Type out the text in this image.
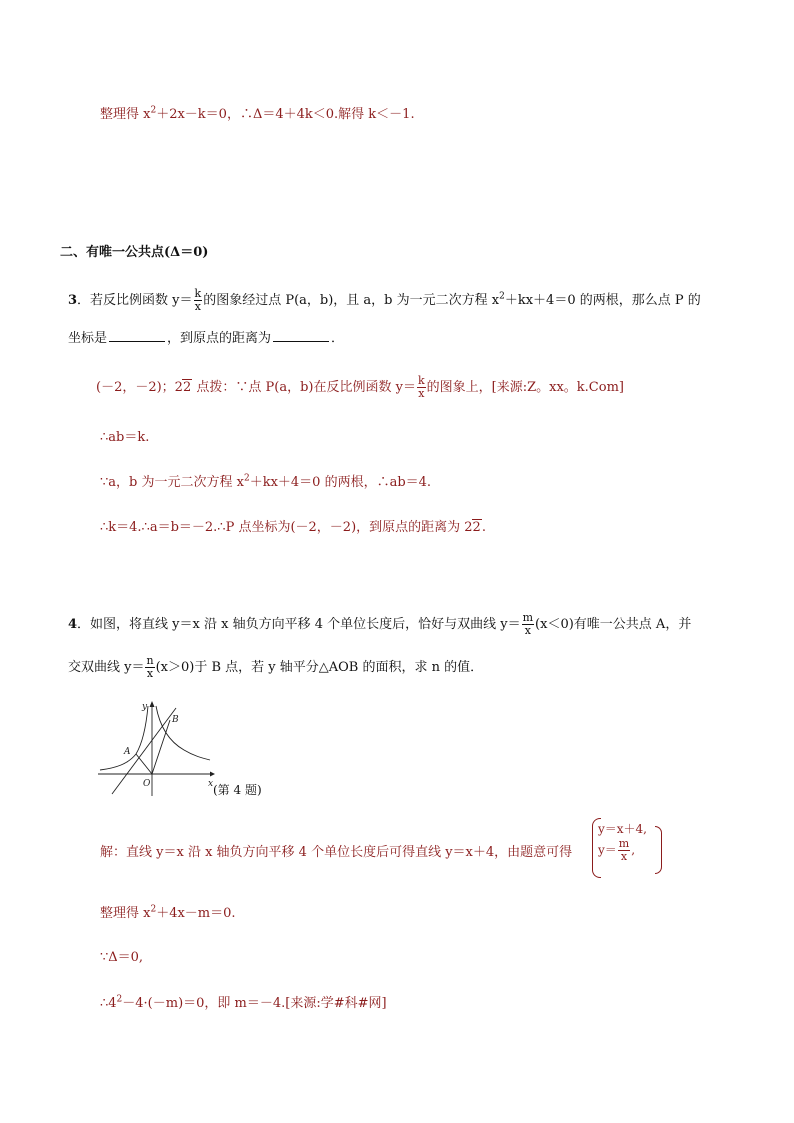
整理得 $x^2+2x-k=0$，∴Δ＝4＋4k＜0.解得 k＜－1.
二、有唯一公共点(Δ＝0)
3．若反比例函数 $y= \frac{k}{x}$ 的图象经过点 P(a，b)，且 a，b 为一元二次方程 $x^2+kx+4=0$ 的两根，那么点 P 的
坐标是	，到原点的距离为	．
(－2，－2)；22 点拨：∵点 P(a，b)在反比例函数 $y= \frac{k}{x}$ 的图象上，[来源:Z。xx。k.Com]
∴ab＝k.
∵a，b 为一元二次方程 $x^2+kx+4=0$ 的两根，∴ab＝4.
∴k＝4.∴a＝b＝－2.∴P 点坐标为(－2，－2)，到原点的距离为 22.
4．如图，将直线 y＝x 沿 x 轴负方向平移 4 个单位长度后，恰好与双曲线 $y= \frac{m}{x} (x<0)$有唯一公共点 A，并
交双曲线 $y= \frac{n}{x} (x>0)$于 B 点，若 y 轴平分△AOB 的面积，求 n 的值．
y
x
A
B
O	(第 4 题)
解：直线 y＝x 沿 x 轴负方向平移 4 个单位长度后可得直线 y＝x＋4，由题意可得
y＝x＋4,
$y= \frac{m}{x}$ ,
整理得 $x^2+4x-m=0$.
∵Δ＝0,
$\therefore 4^2-4\cdot(-m)=0$，即 m＝－4.[来源:学#科#网]
